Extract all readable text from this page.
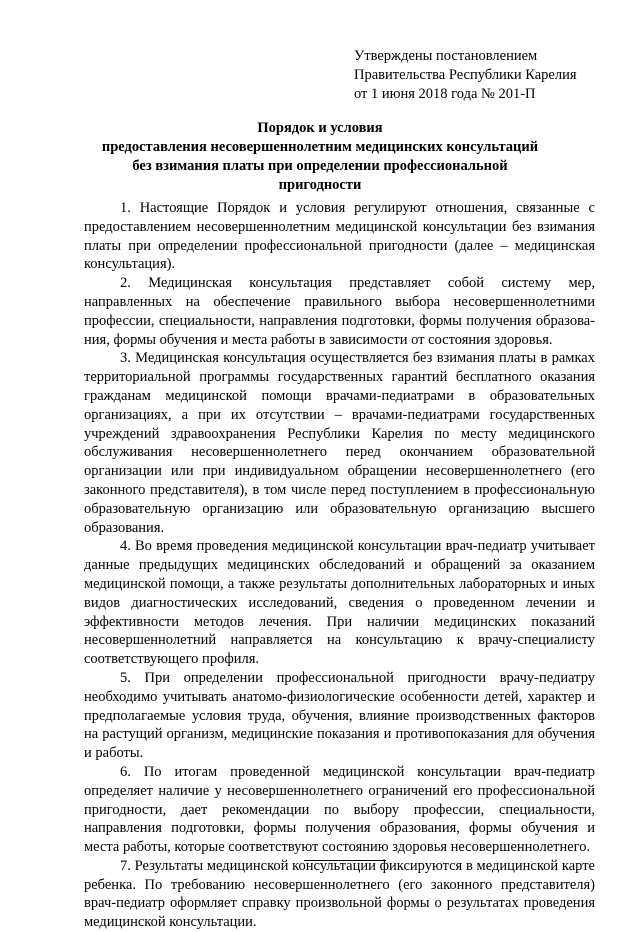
Утверждены постановлением
Правительства Республики Карелия
от 1 июня 2018 года № 201-П
Порядок и условия
предоставления несовершеннолетним медицинских консультаций
без взимания платы при определении профессиональной
пригодности

1. Настоящие Порядок и условия регулируют отношения, связанные с предоставлением несовершеннолетним медицинской консультации без взимания платы при определении профессиональной пригодности (далее – медицинская консультация).

2. Медицинская консультация представляет собой систему мер, направленных на обеспечение правильного выбора несовершеннолетними профессии, специальности, направления подготовки, формы получения образова-ния, формы обучения и места работы в зависимости от состояния здоровья.

3. Медицинская консультация осуществляется без взимания платы в рамках территориальной программы государственных гарантий бесплатного оказания гражданам медицинской помощи врачами-педиатрами в образовательных организациях, а при их отсутствии – врачами-педиатрами государственных учреждений здравоохранения Республики Карелия по месту медицинского обслуживания несовершеннолетнего перед окончанием образовательной организации или при индивидуальном обращении несовершеннолетнего (его законного представителя), в том числе перед поступлением в профессиональную образовательную организацию или образовательную организацию высшего образования.

4. Во время проведения медицинской консультации врач-педиатр учитывает данные предыдущих медицинских обследований и обращений за оказанием медицинской помощи, а также результаты дополнительных лабораторных и иных видов диагностических исследований, сведения о проведенном лечении и эффективности методов лечения. При наличии медицинских показаний несовершеннолетний направляется на консультацию к врачу-специалисту соответствующего профиля.

5. При определении профессиональной пригодности врачу-педиатру необходимо учитывать анатомо-физиологические особенности детей, характер и предполагаемые условия труда, обучения, влияние производственных факторов на растущий организм, медицинские показания и противопоказания для обучения и работы.

6. По итогам проведенной медицинской консультации врач-педиатр определяет наличие у несовершеннолетнего ограничений его профессиональной пригодности, дает рекомендации по выбору профессии, специальности, направления подготовки, формы получения образования, формы обучения и места работы, которые соответствуют состоянию здоровья несовершеннолетнего.

7. Результаты медицинской консультации фиксируются в медицинской карте ребенка. По требованию несовершеннолетнего (его законного представителя) врач-педиатр оформляет справку произвольной формы о результатах проведения медицинской консультации.
